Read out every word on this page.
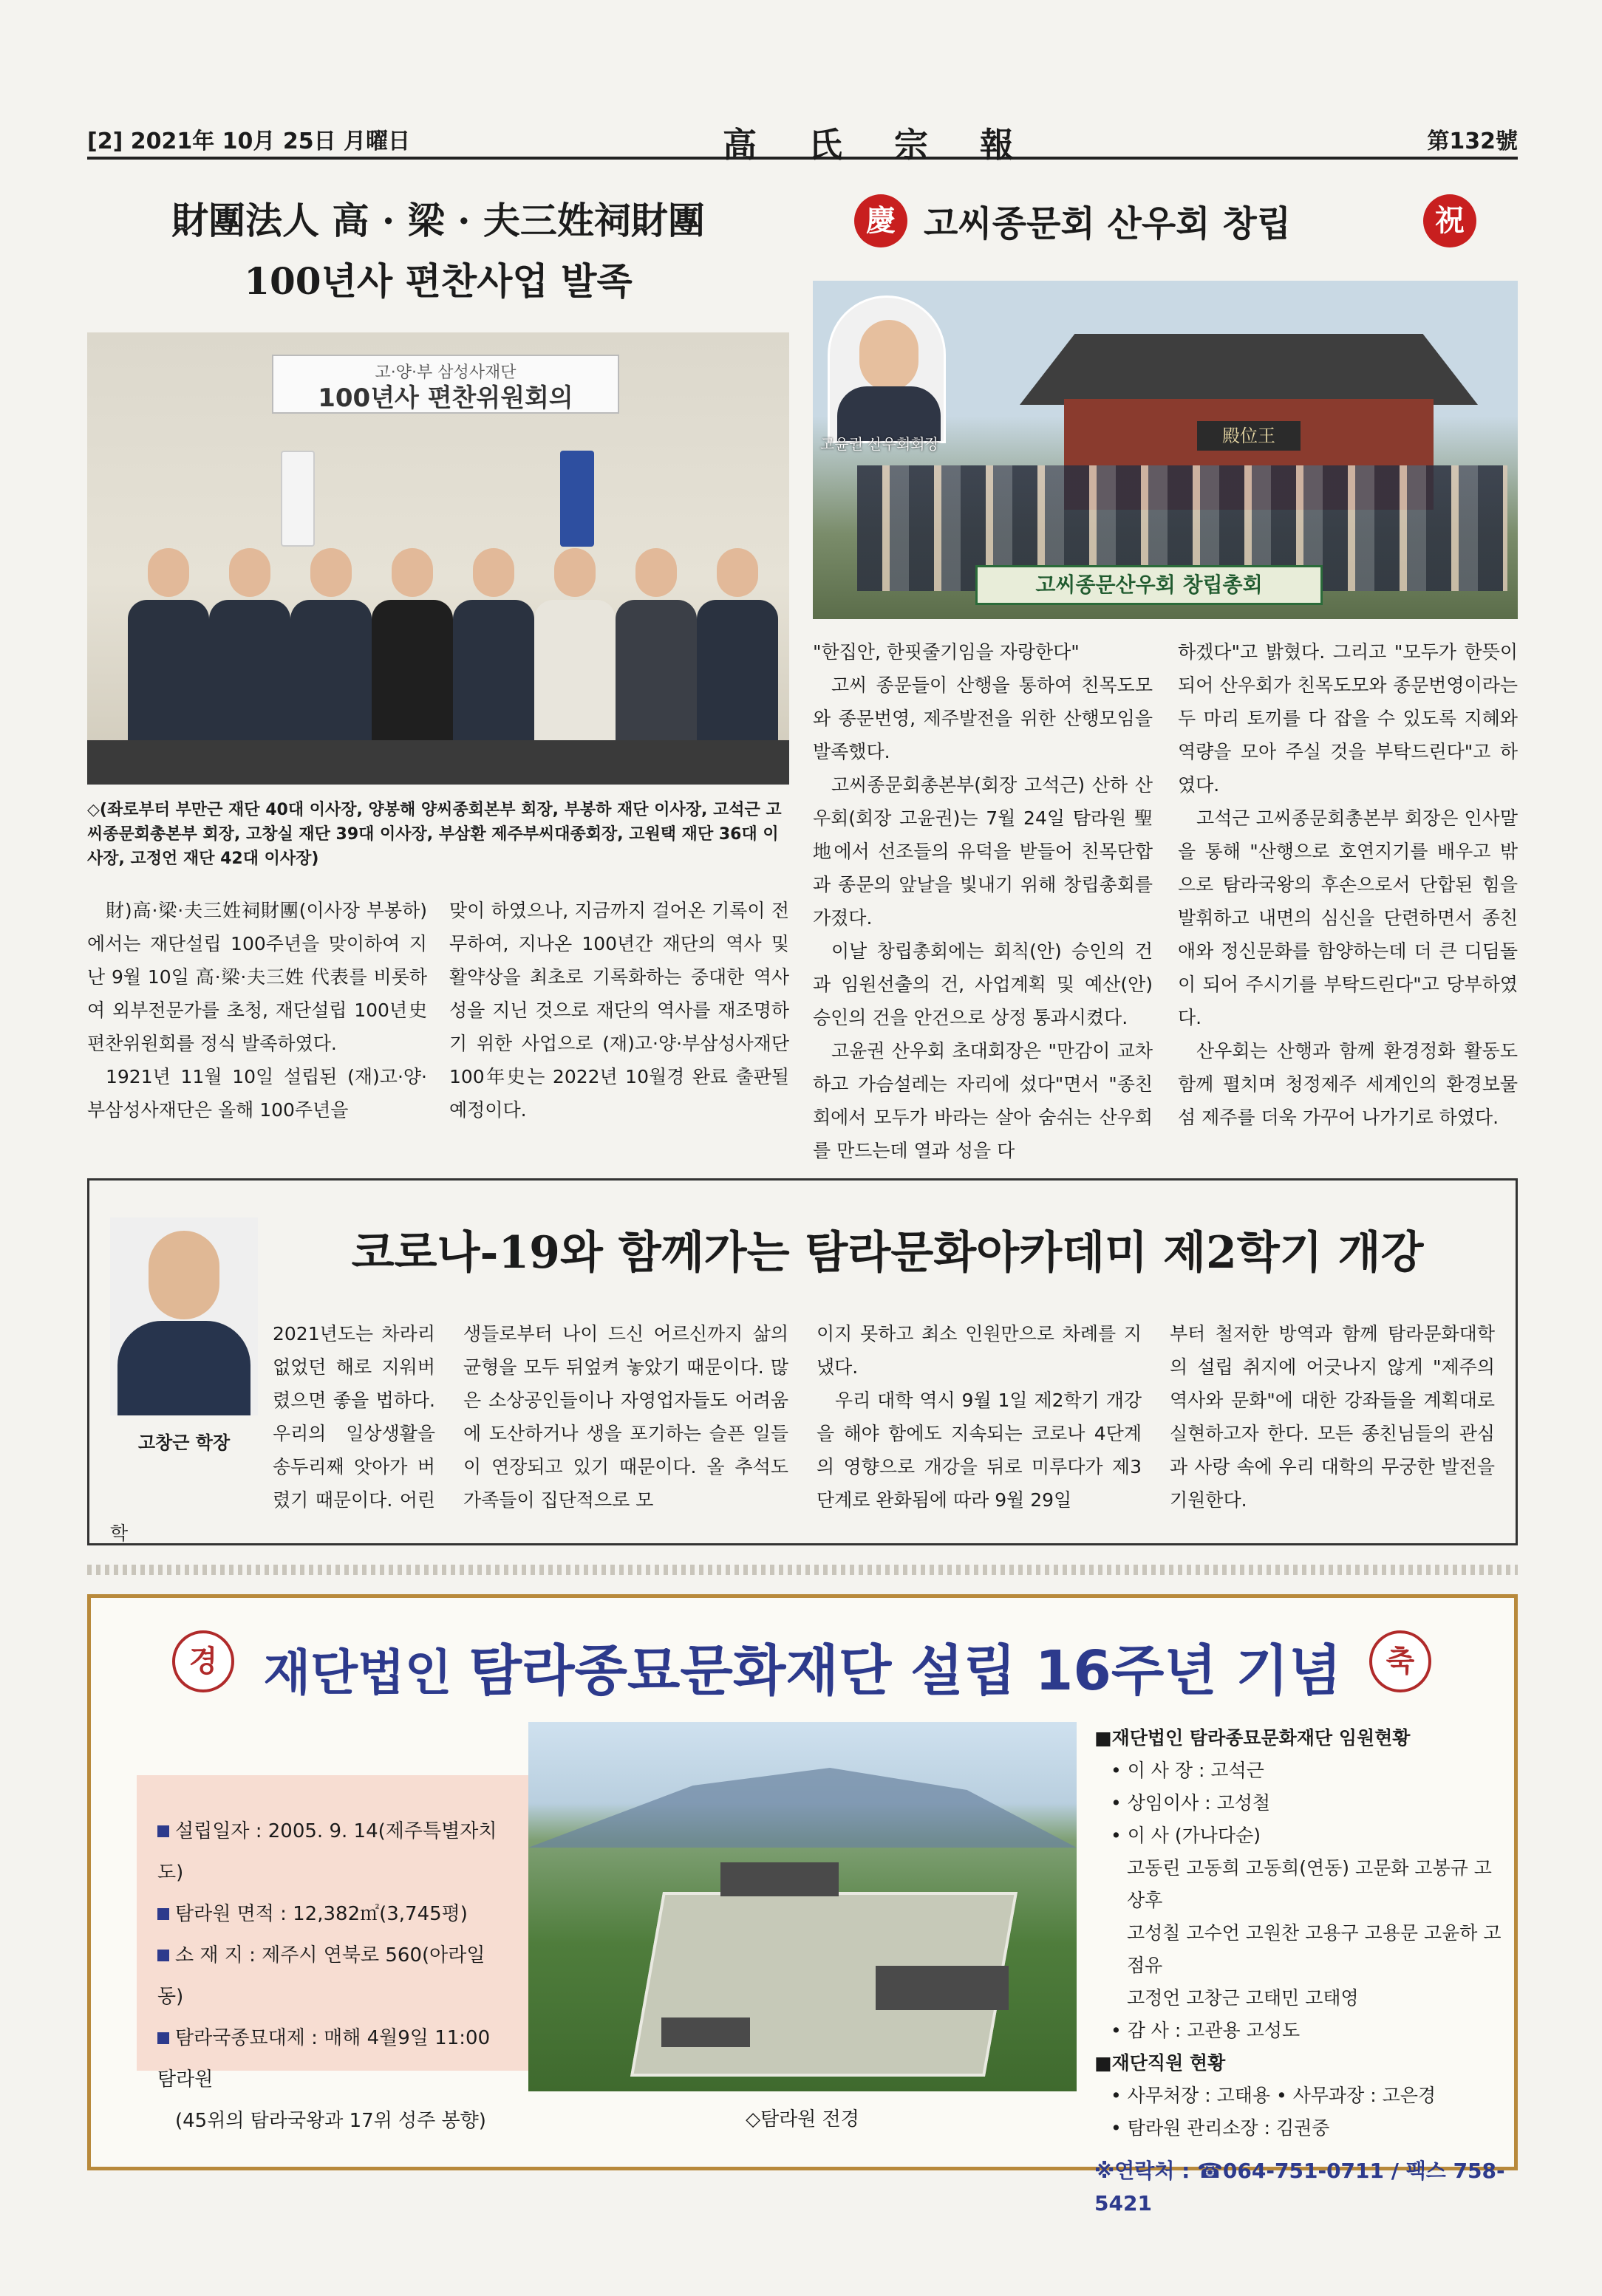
[2] 2021年 10月 25日 月曜日	高氏宗報	第132號
財團法人 高 · 梁 · 夫三姓祠財團
100년사 편찬사업 발족
고·양·부 삼성사재단
100년사 편찬위원회의
◇(좌로부터 부만근 재단 40대 이사장, 양봉해 양씨종회본부 회장, 부봉하 재단 이사장, 고석근 고씨종문회총본부 회장, 고창실 재단 39대 이사장, 부삼환 제주부씨대종회장, 고원택 재단 36대 이사장, 고정언 재단 42대 이사장)

財)高·梁·夫三姓祠財團(이사장 부봉하)에서는 재단설립 100주년을 맞이하여 지난 9월 10일 高·梁·夫三姓 代表를 비롯하여 외부전문가를 초청, 재단설립 100년史 편찬위원회를 정식 발족하였다.

1921년 11월 10일 설립된 (재)고·양·부삼성사재단은 올해 100주년을

맞이 하였으나, 지금까지 걸어온 기록이 전무하여, 지나온 100년간 재단의 역사 및 활약상을 최초로 기록화하는 중대한 역사성을 지닌 것으로 재단의 역사를 재조명하기 위한 사업으로 (재)고·양·부삼성사재단 100年史는 2022년 10월경 완료 출판될 예정이다.

慶 고씨종문회 산우회 창립	祝
殿位王
고씨종문산우회 창립총회
고윤권 산우회회장

"한집안, 한핏줄기임을 자랑한다"

고씨 종문들이 산행을 통하여 친목도모와 종문번영, 제주발전을 위한 산행모임을 발족했다.

고씨종문회총본부(회장 고석근) 산하 산우회(회장 고윤권)는 7월 24일 탐라원 聖地에서 선조들의 유덕을 받들어 친목단합과 종문의 앞날을 빛내기 위해 창립총회를 가졌다.

이날 창립총회에는 회칙(안) 승인의 건과 임원선출의 건, 사업계획 및 예산(안) 승인의 건을 안건으로 상정 통과시켰다.

고윤권 산우회 초대회장은 "만감이 교차하고 가슴설레는 자리에 섰다"면서 "종친회에서 모두가 바라는 살아 숨쉬는 산우회를 만드는데 열과 성을 다

하겠다"고 밝혔다. 그리고 "모두가 한뜻이 되어 산우회가 친목도모와 종문번영이라는 두 마리 토끼를 다 잡을 수 있도록 지혜와 역량을 모아 주실 것을 부탁드린다"고 하였다.

고석근 고씨종문회총본부 회장은 인사말을 통해 "산행으로 호연지기를 배우고 밖으로 탐라국왕의 후손으로서 단합된 힘을 발휘하고 내면의 심신을 단련하면서 종친애와 정신문화를 함양하는데 더 큰 디딤돌이 되어 주시기를 부탁드린다"고 당부하였다.

산우회는 산행과 함께 환경정화 활동도 함께 펼치며 청정제주 세계인의 환경보물섬 제주를 더욱 가꾸어 나가기로 하였다.

코로나-19와 함께가는 탐라문화아카데미 제2학기 개강

2021년도는 차라리 없었던 해로 지워버렸으면 좋을 법하다. 우리의 일상생활을 송두리째 앗아가 버렸기 때문이다. 어린 학

고창근 학장

생들로부터 나이 드신 어르신까지 삶의 균형을 모두 뒤엎켜 놓았기 때문이다. 많은 소상공인들이나 자영업자들도 어려움에 도산하거나 생을 포기하는 슬픈 일들이 연장되고 있기 때문이다. 올 추석도 가족들이 집단적으로 모

이지 못하고 최소 인원만으로 차례를 지냈다.

우리 대학 역시 9월 1일 제2학기 개강을 해야 함에도 지속되는 코로나 4단계의 영향으로 개강을 뒤로 미루다가 제3단계로 완화됨에 따라 9월 29일

부터 철저한 방역과 함께 탐라문화대학의 설립 취지에 어긋나지 않게 "제주의 역사와 문화"에 대한 강좌들을 계획대로 실현하고자 한다. 모든 종친님들의 관심과 사랑 속에 우리 대학의 무궁한 발전을 기원한다.

경 재단법인 탐라종묘문화재단 설립 16주년 기념	축
설립일자 : 2005. 9. 14(제주특별자치도)
탐라원 면적 : 12,382㎡(3,745평)
소 재 지 : 제주시 연북로 560(아라일동)
탐라국종묘대제 : 매해 4월9일 11:00 탐라원
(45위의 탐라국왕과 17위 성주 봉향)	◇탐라원 전경
■재단법인 탐라종묘문화재단 임원현황
• 이 사 장 : 고석근
• 상임이사 : 고성철
• 이 사 (가나다순)
고동린 고동희 고동희(연동) 고문화 고봉규 고상후
고성칠 고수언 고원찬 고용구 고용문 고윤하 고점유
고정언 고창근 고태민 고태영
• 감 사 : 고관용 고성도
■재단직원 현황
• 사무처장 : 고태용 • 사무과장 : 고은경
• 탐라원 관리소장 : 김권중
※연락처 : ☎064-751-0711 / 팩스 758-5421
